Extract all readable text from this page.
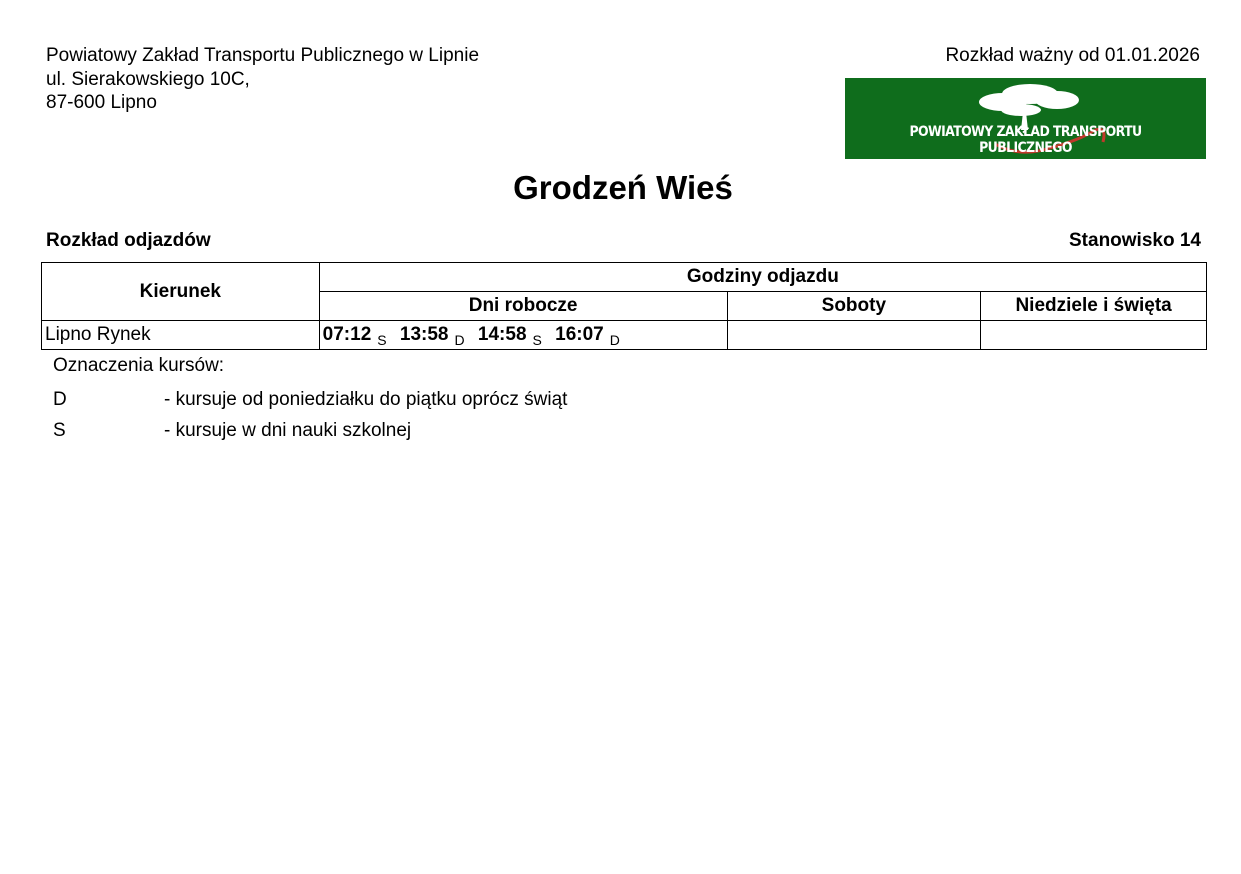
Powiatowy Zakład Transportu Publicznego w Lipnie
ul. Sierakowskiego 10C,
87-600 Lipno
Rozkład ważny od 01.01.2026
POWIATOWY ZAKŁAD TRANSPORTU PUBLICZNEGO
Grodzeń Wieś
Rozkład odjazdów	Stanowisko 14
Kierunek	Godziny odjazdu		
	Dni robocze	Soboty	Niedziele i święta
Lipno Rynek	07:12 $_S$ 13:58 $_D$ 14:58 $_S$ 16:07 $_D$		
Oznaczenia kursów:
D	- kursuje od poniedziałku do piątku oprócz świąt
S	- kursuje w dni nauki szkolnej
